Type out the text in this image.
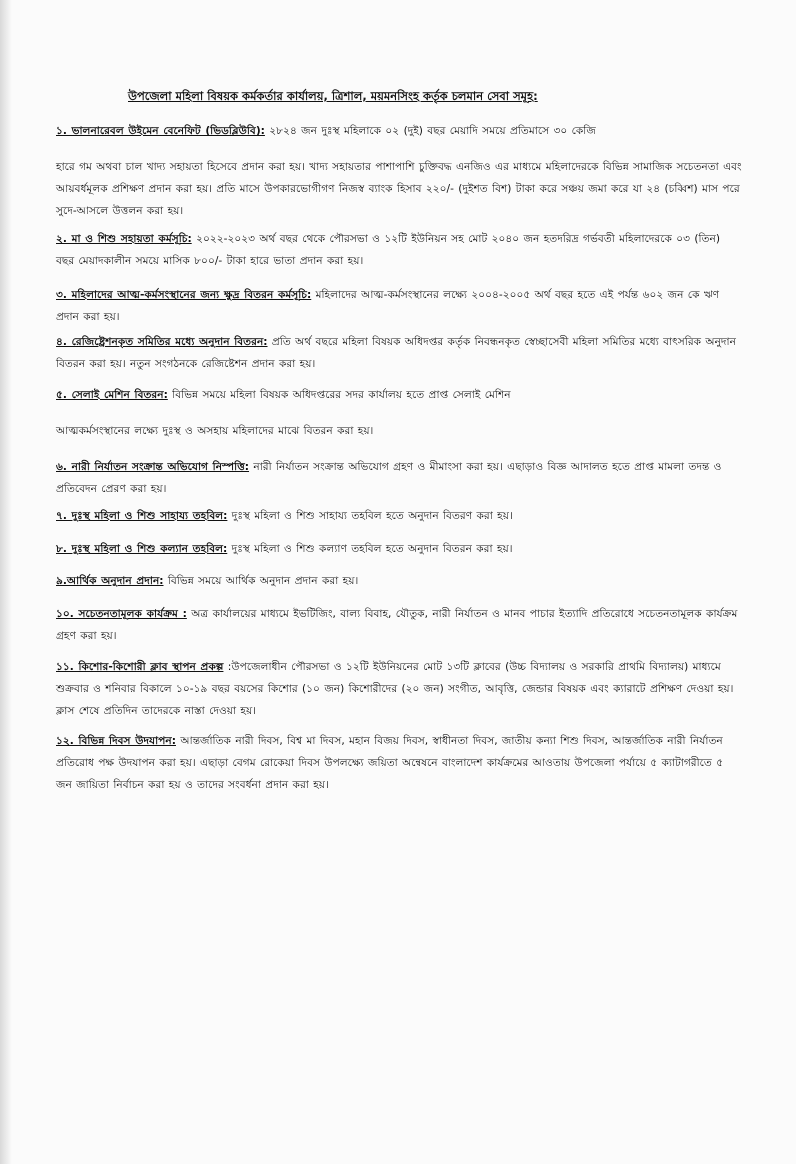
উপজেলা মহিলা বিষয়ক কর্মকর্তার কার্যালয়, ত্রিশাল, ময়মনসিংহ কর্তৃক চলমান সেবা সমূহ:
১. ভালনারেবল উইমেন বেনেফিট (ভিডব্লিউবি): ২৮২৪ জন দুঃস্থ মহিলাকে ০২ (দুই) বছর মেয়াদি সময়ে প্রতিমাসে ৩০ কেজি
হারে গম অথবা চাল খাদ্য সহায়তা হিসেবে প্রদান করা হয়। খাদ্য সহায়তার পাশাপাশি চুক্তিবদ্ধ এনজিও এর মাধ্যমে মহিলাদেরকে বিভিন্ন সামাজিক সচেতনতা এবং আয়বর্ধমূলক প্রশিক্ষণ প্রদান করা হয়। প্রতি মাসে উপকারভোগীগণ নিজস্ব ব্যাংক হিসাব ২২০/- (দুইশত বিশ) টাকা করে সঞ্চয় জমা করে যা ২৪ (চব্বিশ) মাস পরে সুদে-আসলে উত্তলন করা হয়।
২. মা ও শিশু সহায়তা কর্মসূচি: ২০২২-২০২৩ অর্থ বছর থেকে পৌরসভা ও ১২টি ইউনিয়ন সহ মোট ২০৪০ জন হতদরিদ্র গর্ভবতী মহিলাদেরকে ০৩ (তিন) বছর মেয়াদকালীন সময়ে মাসিক ৮০০/- টাকা হারে ভাতা প্রদান করা হয়।
৩. মহিলাদের আত্ম-কর্মসংস্থানের জন্য ক্ষুদ্র বিতরন কর্মসূচি: মহিলাদের আত্ম-কর্মসংস্থানের লক্ষ্যে ২০০৪-২০০৫ অর্থ বছর হতে এই পর্যন্ত ৬০২ জন কে ঋণ প্রদান করা হয়।
৪. রেজিষ্ট্রেশনকৃত সমিতির মধ্যে অনুদান বিতরন: প্রতি অর্থ বছরে মহিলা বিষয়ক অধিদপ্তর কর্তৃক নিবন্ধনকৃত স্বেচ্ছাসেবী মহিলা সমিতির মধ্যে বাৎসরিক অনুদান বিতরন করা হয়। নতুন সংগঠনকে রেজিষ্টেশন প্রদান করা হয়।
৫. সেলাই মেশিন বিতরন: বিভিন্ন সময়ে মহিলা বিষয়ক অধিদপ্তরের সদর কার্যালয় হতে প্রাপ্ত সেলাই মেশিন
আত্মকর্মসংস্থানের লক্ষ্যে দুঃস্থ ও অসহায় মহিলাদের মাঝে বিতরন করা হয়।
৬. নারী নির্যাতন সংক্রান্ত অভিযোগ নিস্পত্তি: নারী নির্যাতন সংক্রান্ত অভিযোগ গ্রহণ ও মীমাংসা করা হয়। এছাড়াও বিজ্ঞ আদালত হতে প্রাপ্ত মামলা তদন্ত ও প্রতিবেদন প্রেরণ করা হয়।
৭. দুঃস্থ মহিলা ও শিশু সাহায্য তহবিল: দুঃস্থ মহিলা ও শিশু সাহায্য তহবিল হতে অনুদান বিতরণ করা হয়।
৮. দুঃস্থ মহিলা ও শিশু কল্যান তহবিল: দুঃস্থ মহিলা ও শিশু কল্যাণ তহবিল হতে অনুদান বিতরন করা হয়।
৯.আর্থিক অনুদান প্রদান: বিভিন্ন সময়ে আর্থিক অনুদান প্রদান করা হয়।
১০. সচেতনতামূলক কার্যক্রম : অত্র কার্যালয়ের মাধ্যমে ইভটিজিং, বাল্য বিবাহ, যৌতুক, নারী নির্যাতন ও মানব পাচার ইত্যাদি প্রতিরোধে সচেতনতামূলক কার্যক্রম গ্রহণ করা হয়।
১১. কিশোর-কিশোরী ক্লাব স্থাপন প্রকল্প :উপজেলাধীন পৌরসভা ও ১২টি ইউনিয়নের মোট ১৩টি ক্লাবের (উচ্চ বিদ্যালয় ও সরকারি প্রাথমি বিদ্যালয়) মাধ্যমে শুক্রবার ও শনিবার বিকালে ১০-১৯ বছর বয়সের কিশোর (১০ জন) কিশোরীদের (২০ জন) সংগীত, আবৃত্তি, জেন্ডার বিষয়ক এবং ক্যারাটে প্রশিক্ষণ দেওয়া হয়। ক্লাস শেষে প্রতিদিন তাদেরকে নাস্তা দেওয়া হয়।
১২. বিভিন্ন দিবস উদযাপন: আন্তর্জাতিক নারী দিবস, বিশ্ব মা দিবস, মহান বিজয় দিবস, স্বাধীনতা দিবস, জাতীয় কন্যা শিশু দিবস, আন্তর্জাতিক নারী নির্যাতন প্রতিরোধ পক্ষ উদযাপন করা হয়। এছাড়া বেগম রোকেয়া দিবস উপলক্ষ্যে জয়িতা অন্বেষনে বাংলাদেশ কার্যক্রমের আওতায় উপজেলা পর্যায়ে ৫ ক্যাটাগরীতে ৫ জন জায়িতা নির্বাচন করা হয় ও তাদের সংবর্ধনা প্রদান করা হয়।
